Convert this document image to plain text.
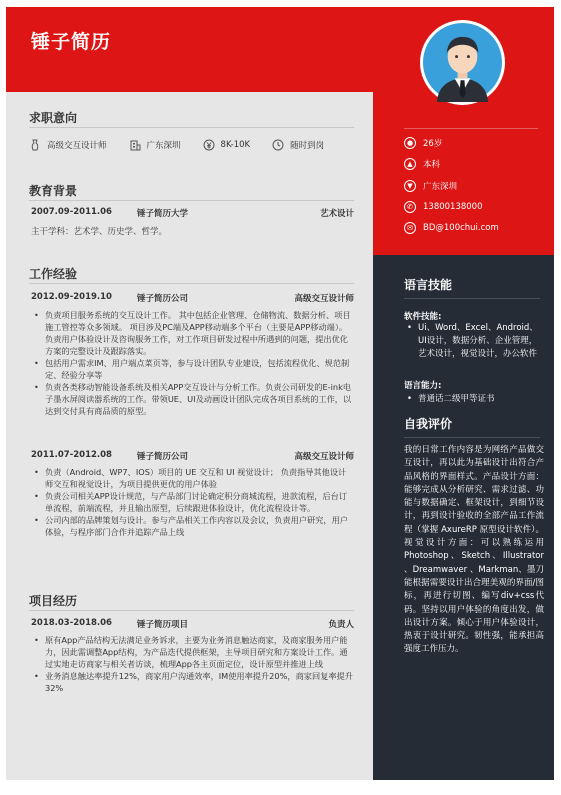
锤子简历
求职意向
高级交互设计师	广东深圳	8K-10K	随时到岗
教育背景
2007.09-2011.06	锤子简历大学	艺术设计
主干学科：艺术学、历史学、哲学。
工作经验
2012.09-2019.10	锤子简历公司	高级交互设计师
• 负责项目服务系统的交互设计工作。 其中包括企业管理、仓储物流、数据分析、项目施工管控等众多领域。 项目涉及PC端及APP移动端多个平台（主要是APP移动端）。负责用户体验设计及咨询服务工作，对工作项目研发过程中所遇到的问题，提出优化方案的完整设计及跟踪落实。
• 包括用户需求IM、用户端点菜页等，参与设计团队专业建设，包括流程优化、规范制定、经验分享等
• 负责各类移动智能设备系统及相关APP交互设计与分析工作。负责公司研发的E-ink电子墨水屏阅读器系统的工作。带领UE、UI及动画设计团队完成各项目系统的工作，以达到交付具有商品质的原型。
2011.07-2012.08	锤子简历公司	高级交互设计师
• 负责（Android、WP7、IOS）项目的 UE 交互和 UI 视觉设计； 负责指导其他设计师交互和视觉设计，为项目提供更优的用户体验
• 负责公司相关APP设计规范，与产品部门讨论确定积分商城流程，进款流程，后台订单流程，前端流程，并且输出原型，后续跟进体验设计，优化流程设计等。
• 公司内部的品牌策划与设计。参与产品相关工作内容以及会议，负责用户研究，用户体验，与程序部门合作并追踪产品上线
项目经历
2018.03-2018.06	锤子简历项目	负责人
• 原有App产品结构无法满足业务诉求，主要为业务消息触达商家，及商家服务用户能力，因此需调整App结构，为产品迭代提供框架，主导项目研究和方案设计工作。通过实地走访商家与相关者访谈，梳理App各主页面定位，设计原型并推进上线
• 业务消息触达率提升12%，商家用户沟通效率，IM使用率提升20%，商家回复率提升32%
●	26岁
▲	本科
▼	广东深圳
✆	13800138000
✉	BD@100chui.com
语言技能
软件技能:
• Ui、Word、Excel、Android、UI设计，数据分析、企业管理，艺术设计，视觉设计，办公软件
语言能力:
• 普通话二级甲等证书
自我评价
我的日常工作内容是为网络产品做交互设计，再以此为基础设计出符合产品风格的界面样式。产品设计方面：能够完成从分析研究、需求过滤、功能与数据确定、框架设计，到细节设计，再到设计验收的全部产品工作流程（掌握 AxureRP 原型设计软件）。视觉设计方面：可以熟练运用Photoshop、Sketch、Illustrator 、Dreamwaver 、Markman、墨刀能根据需要设计出合理美观的界面/图标，再进行切图、编写div+css代码。坚持以用户体验的角度出发，做出设计方案。倾心于用户体验设计，热衷于设计研究。韧性强，能承担高强度工作压力。
